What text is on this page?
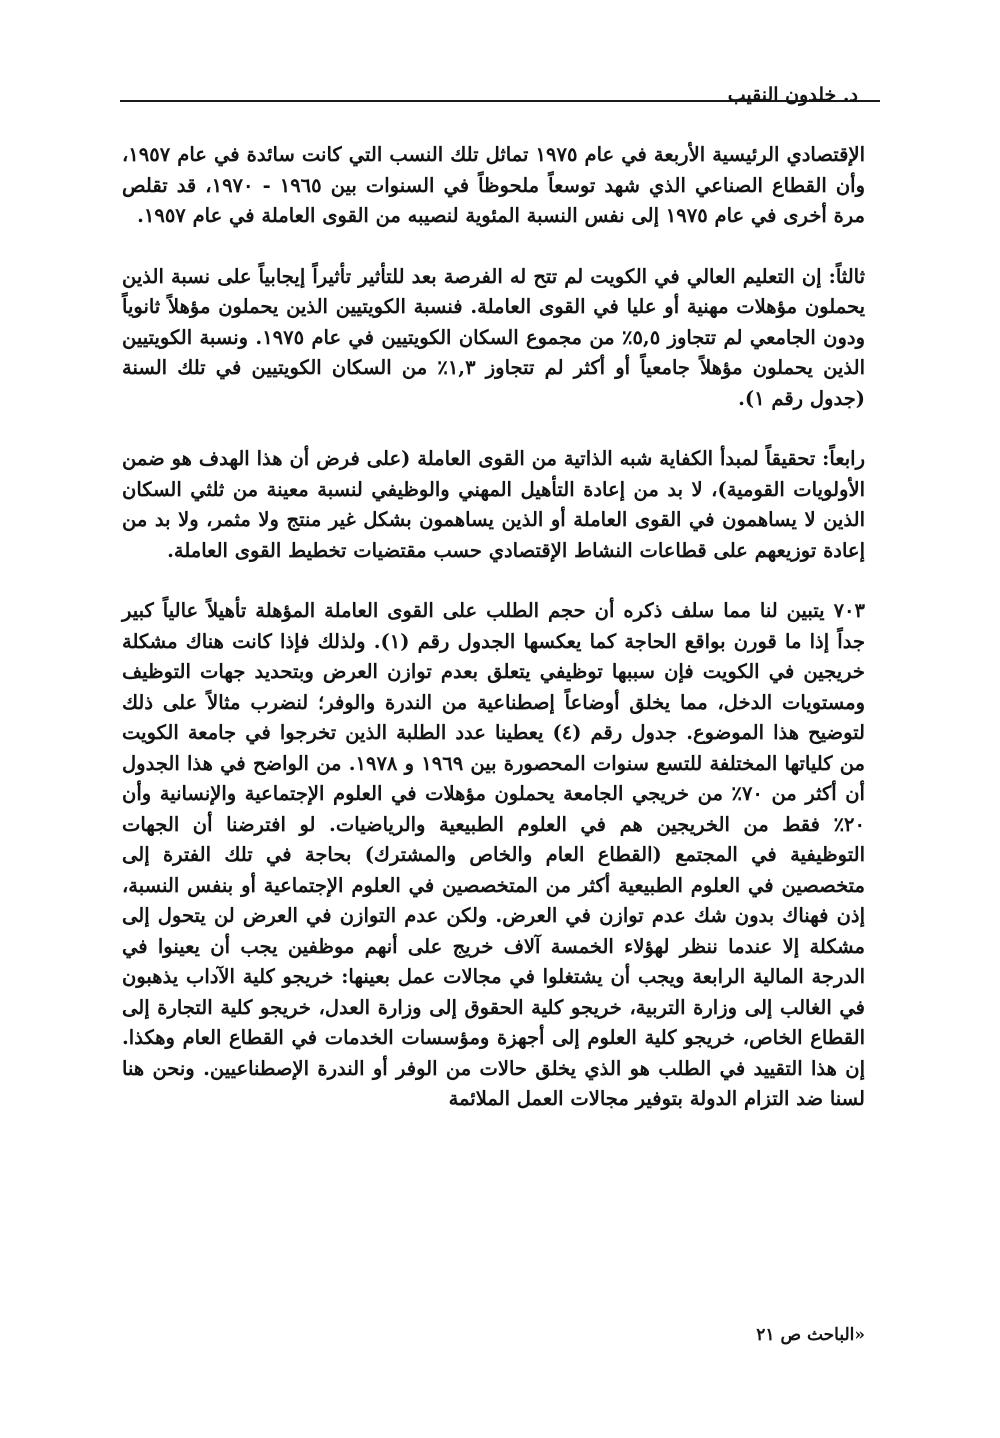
د. خلدون النقيب

الإقتصادي الرئيسية الأربعة في عام ١٩٧٥ تماثل تلك النسب التي كانت سائدة في عام ١٩٥٧، وأن القطاع الصناعي الذي شهد توسعاً ملحوظاً في السنوات بين ١٩٦٥ - ١٩٧٠، قد تقلص مرة أخرى في عام ١٩٧٥ إلى نفس النسبة المئوية لنصيبه من القوى العاملة في عام ١٩٥٧.

ثالثاً: إن التعليم العالي في الكويت لم تتح له الفرصة بعد للتأثير تأثيراً إيجابياً على نسبة الذين يحملون مؤهلات مهنية أو عليا في القوى العاملة. فنسبة الكويتيين الذين يحملون مؤهلاً ثانوياً ودون الجامعي لم تتجاوز ٥,٥٪ من مجموع السكان الكويتيين في عام ١٩٧٥. ونسبة الكويتيين الذين يحملون مؤهلاً جامعياً أو أكثر لم تتجاوز ١,٣٪ من السكان الكويتيين في تلك السنة (جدول رقم ١).

رابعاً: تحقيقاً لمبدأ الكفاية شبه الذاتية من القوى العاملة (على فرض أن هذا الهدف هو ضمن الأولويات القومية)، لا بد من إعادة التأهيل المهني والوظيفي لنسبة معينة من ثلثي السكان الذين لا يساهمون في القوى العاملة أو الذين يساهمون بشكل غير منتج ولا مثمر، ولا بد من إعادة توزيعهم على قطاعات النشاط الإقتصادي حسب مقتضيات تخطيط القوى العاملة.

٧٠٣ يتبين لنا مما سلف ذكره أن حجم الطلب على القوى العاملة المؤهلة تأهيلاً عالياً كبير جداً إذا ما قورن بواقع الحاجة كما يعكسها الجدول رقم (١). ولذلك فإذا كانت هناك مشكلة خريجين في الكويت فإن سببها توظيفي يتعلق بعدم توازن العرض وبتحديد جهات التوظيف ومستويات الدخل، مما يخلق أوضاعاً إصطناعية من الندرة والوفر؛ لنضرب مثالاً على ذلك لتوضيح هذا الموضوع. جدول رقم (٤) يعطينا عدد الطلبة الذين تخرجوا في جامعة الكويت من كلياتها المختلفة للتسع سنوات المحصورة بين ١٩٦٩ و ١٩٧٨. من الواضح في هذا الجدول أن أكثر من ٧٠٪ من خريجي الجامعة يحملون مؤهلات في العلوم الإجتماعية والإنسانية وأن ٢٠٪ فقط من الخريجين هم في العلوم الطبيعية والرياضيات. لو افترضنا أن الجهات التوظيفية في المجتمع (القطاع العام والخاص والمشترك) بحاجة في تلك الفترة إلى متخصصين في العلوم الطبيعية أكثر من المتخصصين في العلوم الإجتماعية أو بنفس النسبة، إذن فهناك بدون شك عدم توازن في العرض. ولكن عدم التوازن في العرض لن يتحول إلى مشكلة إلا عندما ننظر لهؤلاء الخمسة آلاف خريج على أنهم موظفين يجب أن يعينوا في الدرجة المالية الرابعة ويجب أن يشتغلوا في مجالات عمل بعينها: خريجو كلية الآداب يذهبون في الغالب إلى وزارة التربية، خريجو كلية الحقوق إلى وزارة العدل، خريجو كلية التجارة إلى القطاع الخاص، خريجو كلية العلوم إلى أجهزة ومؤسسات الخدمات في القطاع العام وهكذا. إن هذا التقييد في الطلب هو الذي يخلق حالات من الوفر أو الندرة الإصطناعيين. ونحن هنا لسنا ضد التزام الدولة بتوفير مجالات العمل الملائمة

«الباحث ص ٢١
